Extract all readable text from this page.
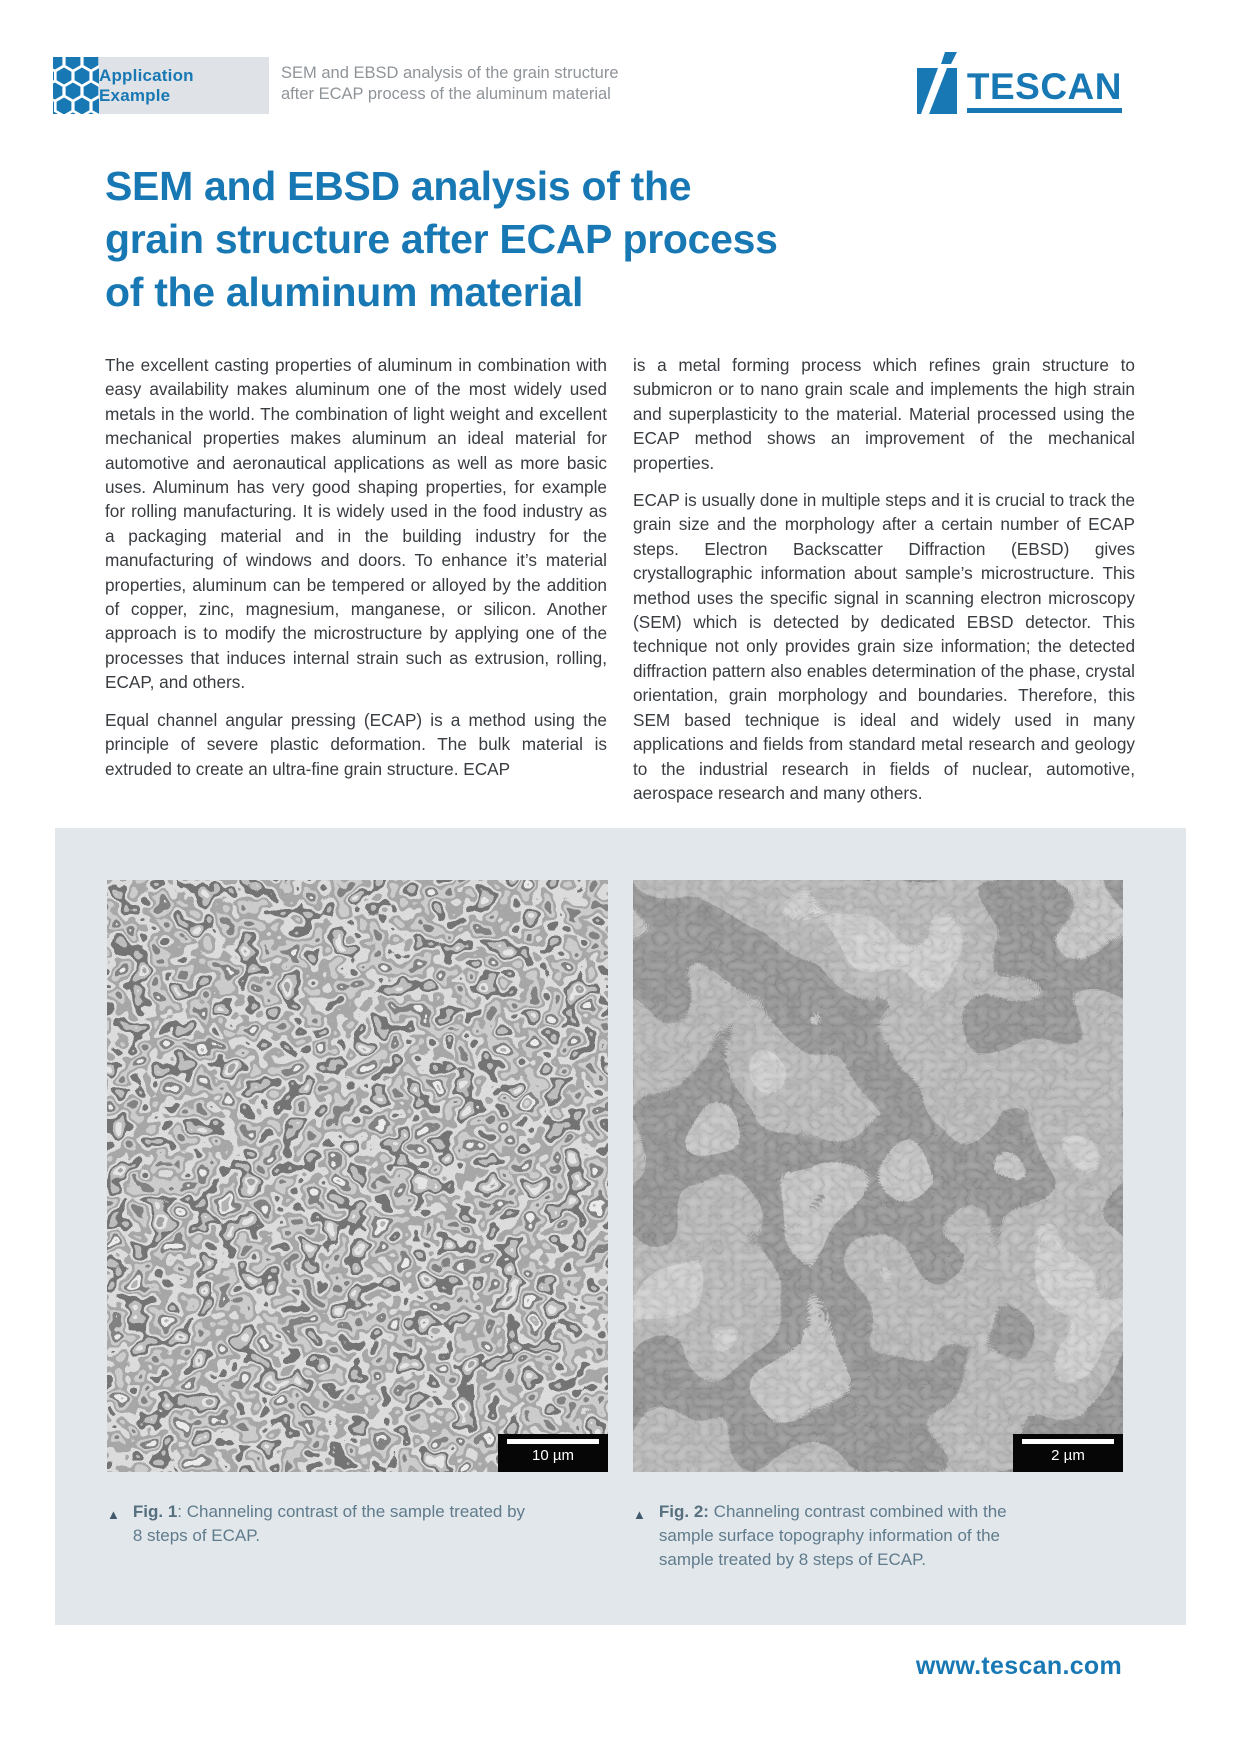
Application Example
SEM and EBSD analysis of the grain structure
after ECAP process of the aluminum material	TESCAN
SEM and EBSD analysis of the
grain structure after ECAP process
of the aluminum material

The excellent casting properties of aluminum in combination with easy availability makes aluminum one of the most widely used metals in the world. The combination of light weight and excellent mechanical properties makes aluminum an ideal material for automotive and aeronautical applications as well as more basic uses. Aluminum has very good shaping properties, for example for rolling manufacturing. It is widely used in the food industry as a packaging material and in the building industry for the manufacturing of windows and doors. To enhance it’s material properties, aluminum can be tempered or alloyed by the addition of copper, zinc, magnesium, manganese, or silicon. Another approach is to modify the microstructure by applying one of the processes that induces internal strain such as extrusion, rolling, ECAP, and others.

Equal channel angular pressing (ECAP) is a method using the principle of severe plastic deformation. The bulk material is extruded to create an ultra-fine grain structure. ECAP

is a metal forming process which refines grain structure to submicron or to nano grain scale and implements the high strain and superplasticity to the material. Material processed using the ECAP method shows an improvement of the mechanical properties.

ECAP is usually done in multiple steps and it is crucial to track the grain size and the morphology after a certain number of ECAP steps. Electron Backscatter Diffraction (EBSD) gives crystallographic information about sample’s microstructure. This method uses the specific signal in scanning electron microscopy (SEM) which is detected by dedicated EBSD detector. This technique not only provides grain size information; the detected diffraction pattern also enables determination of the phase, crystal orientation, grain morphology and boundaries. Therefore, this SEM based technique is ideal and widely used in many applications and fields from standard metal research and geology to the industrial research in fields of nuclear, automotive, aerospace research and many others.

10 µm	2 µm
▲ Fig. 1: Channeling contrast of the sample treated by 8 steps of ECAP.
▲ Fig. 2: Channeling contrast combined with the sample surface topography information of the sample treated by 8 steps of ECAP.
www.tescan.com
